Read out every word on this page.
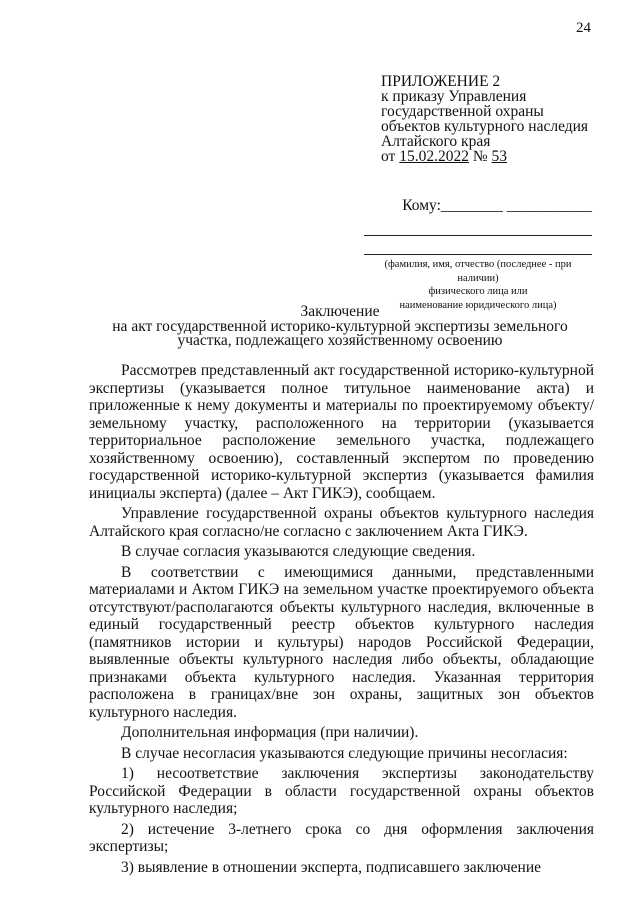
24
ПРИЛОЖЕНИЕ 2
к приказу Управления
государственной охраны
объектов культурного наследия
Алтайского края
от 15.02.2022 № 53
Кому:________ ___________
(фамилия, имя, отчество (последнее - при
наличии)
физического лица или
наименование юридического лица)
Заключение
на акт государственной историко-культурной экспертизы земельного
участка, подлежащего хозяйственному освоению

Рассмотрев представленный акт государственной историко-культурной экспертизы (указывается полное титульное наименование акта) и приложенные к нему документы и материалы по проектируемому объекту/земельному участку, расположенного на территории (указывается территориальное расположение земельного участка, подлежащего хозяйственному освоению), составленный экспертом по проведению государственной историко-культурной экспертиз (указывается фамилия инициалы эксперта) (далее – Акт ГИКЭ), сообщаем.

Управление государственной охраны объектов культурного наследия Алтайского края согласно/не согласно с заключением Акта ГИКЭ.

В случае согласия указываются следующие сведения.

В соответствии с имеющимися данными, представленными материалами и Актом ГИКЭ на земельном участке проектируемого объекта отсутствуют/располагаются объекты культурного наследия, включенные в единый государственный реестр объектов культурного наследия (памятников истории и культуры) народов Российской Федерации, выявленные объекты культурного наследия либо объекты, обладающие признаками объекта культурного наследия. Указанная территория расположена в границах/вне зон охраны, защитных зон объектов культурного наследия.

Дополнительная информация (при наличии).

В случае несогласия указываются следующие причины несогласия:

1) несоответствие заключения экспертизы законодательству Российской Федерации в области государственной охраны объектов культурного наследия;

2) истечение 3-летнего срока со дня оформления заключения экспертизы;

3) выявление в отношении эксперта, подписавшего заключение
